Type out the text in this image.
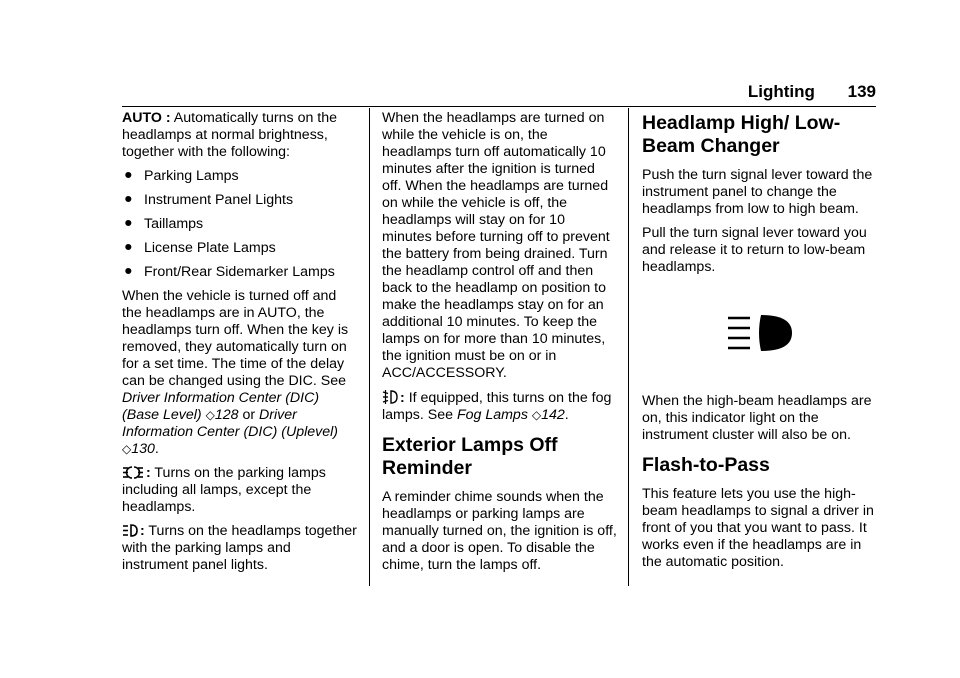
Lighting 139

AUTO : Automatically turns on the headlamps at normal brightness, together with the following:

● Parking Lamps
● Instrument Panel Lights
● Taillamps
● License Plate Lamps
● Front/Rear Sidemarker Lamps

When the vehicle is turned off and the headlamps are in AUTO, the headlamps turn off. When the key is removed, they automatically turn on for a set time. The time of the delay can be changed using the DIC. See Driver Information Center (DIC) (Base Level) ◇128 or Driver Information Center (DIC) (Uplevel) ◇130.

: Turns on the parking lamps including all lamps, except the headlamps.

: Turns on the headlamps together with the parking lamps and instrument panel lights.

When the headlamps are turned on while the vehicle is on, the headlamps turn off automatically 10 minutes after the ignition is turned off. When the headlamps are turned on while the vehicle is off, the headlamps will stay on for 10 minutes before turning off to prevent the battery from being drained. Turn the headlamp control off and then back to the headlamp on position to make the headlamps stay on for an additional 10 minutes. To keep the lamps on for more than 10 minutes, the ignition must be on or in ACC/ACCESSORY.

: If equipped, this turns on the fog lamps. See Fog Lamps ◇142.

Exterior Lamps Off Reminder

A reminder chime sounds when the headlamps or parking lamps are manually turned on, the ignition is off, and a door is open. To disable the chime, turn the lamps off.

Headlamp High/ Low-Beam Changer

Push the turn signal lever toward the instrument panel to change the headlamps from low to high beam.

Pull the turn signal lever toward you and release it to return to low-beam headlamps.

When the high-beam headlamps are on, this indicator light on the instrument cluster will also be on.

Flash-to-Pass

This feature lets you use the high-beam headlamps to signal a driver in front of you that you want to pass. It works even if the headlamps are in the automatic position.
